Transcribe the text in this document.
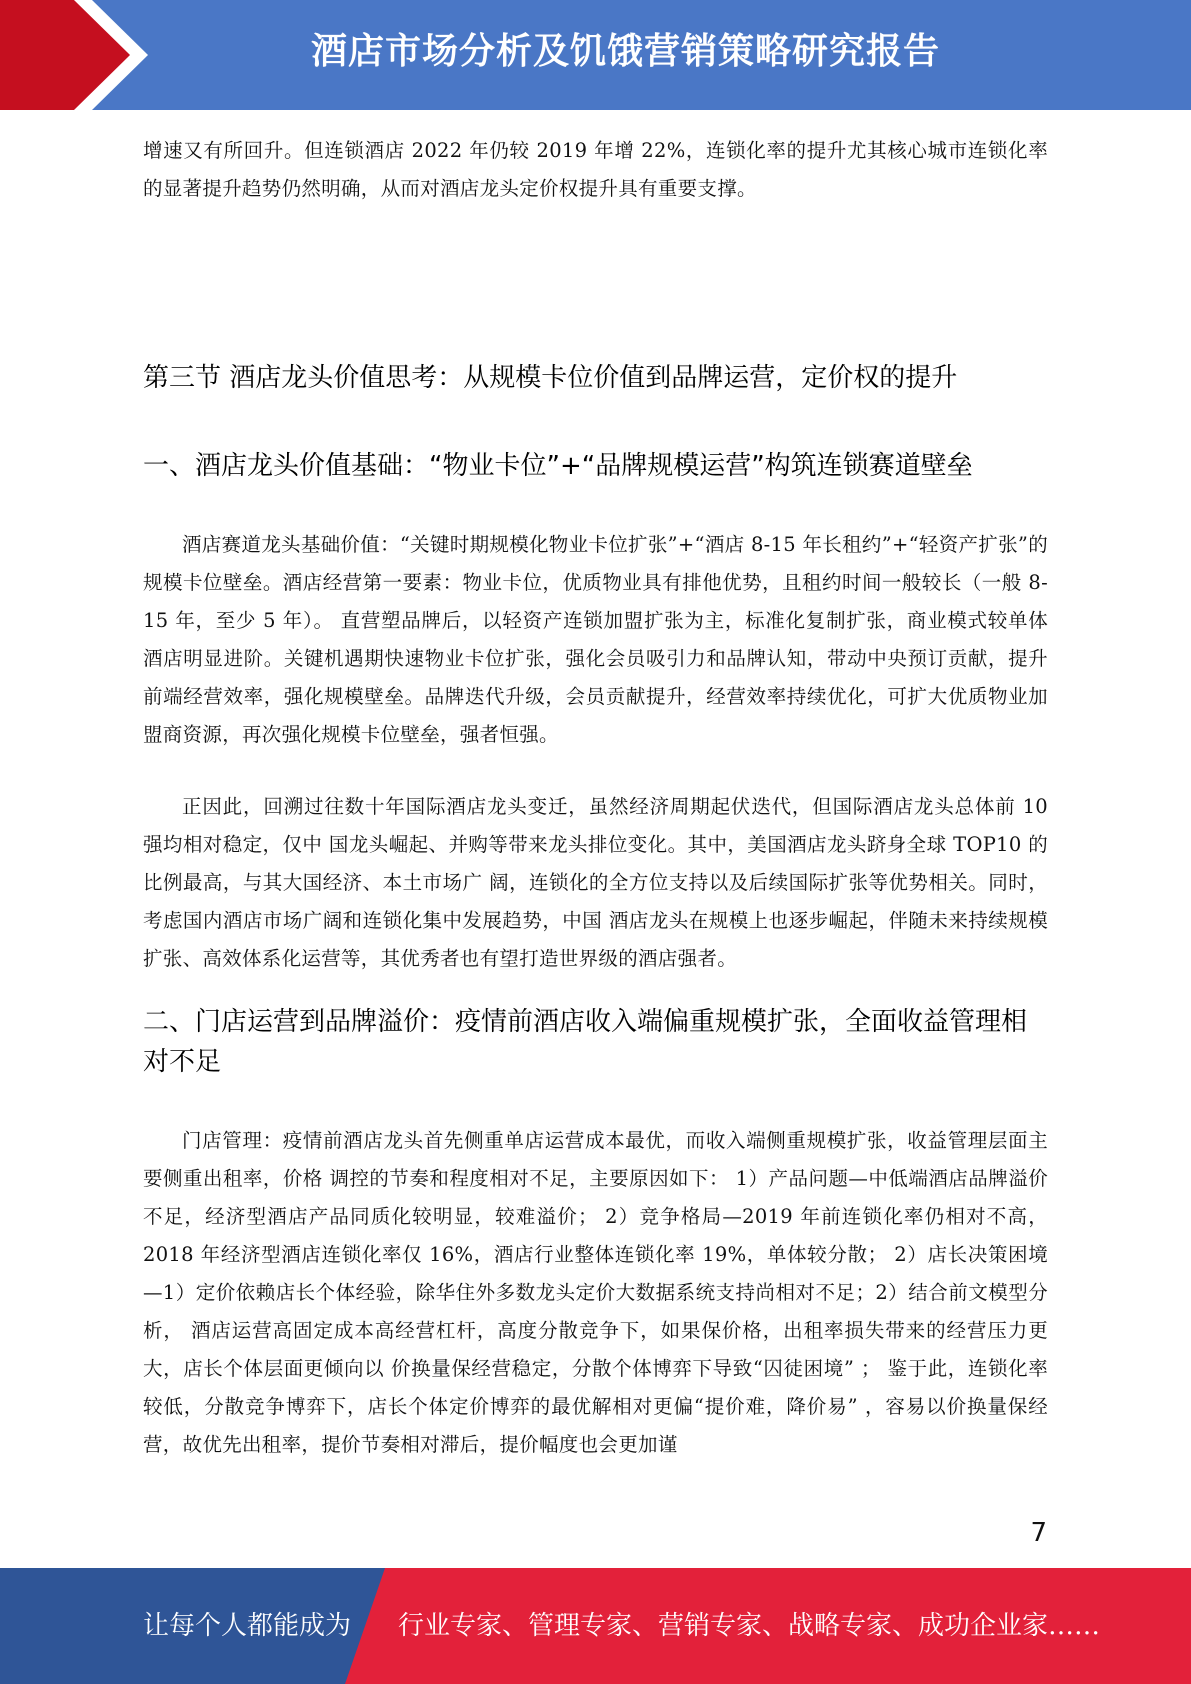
酒店市场分析及饥饿营销策略研究报告

增速又有所回升。但连锁酒店 2022 年仍较 2019 年增 22%，连锁化率的提升尤其核心城市连锁化率的显著提升趋势仍然明确，从而对酒店龙头定价权提升具有重要支撑。

第三节 酒店龙头价值思考：从规模卡位价值到品牌运营，定价权的提升
一、酒店龙头价值基础：“物业卡位”+“品牌规模运营”构筑连锁赛道壁垒

酒店赛道龙头基础价值：“关键时期规模化物业卡位扩张”+“酒店 8-15 年长租约”+“轻资产扩张”的规模卡位壁垒。酒店经营第一要素：物业卡位，优质物业具有排他优势，且租约时间一般较长（一般 8-15 年，至少 5 年）。 直营塑品牌后，以轻资产连锁加盟扩张为主，标准化复制扩张，商业模式较单体酒店明显进阶。关键机遇期快速物业卡位扩张，强化会员吸引力和品牌认知，带动中央预订贡献，提升前端经营效率，强化规模壁垒。品牌迭代升级，会员贡献提升，经营效率持续优化，可扩大优质物业加盟商资源，再次强化规模卡位壁垒，强者恒强。

正因此，回溯过往数十年国际酒店龙头变迁，虽然经济周期起伏迭代，但国际酒店龙头总体前 10 强均相对稳定，仅中 国龙头崛起、并购等带来龙头排位变化。其中，美国酒店龙头跻身全球 TOP10 的比例最高，与其大国经济、本土市场广 阔，连锁化的全方位支持以及后续国际扩张等优势相关。同时，考虑国内酒店市场广阔和连锁化集中发展趋势，中国 酒店龙头在规模上也逐步崛起，伴随未来持续规模扩张、高效体系化运营等，其优秀者也有望打造世界级的酒店强者。

二、门店运营到品牌溢价：疫情前酒店收入端偏重规模扩张，全面收益管理相对不足

门店管理：疫情前酒店龙头首先侧重单店运营成本最优，而收入端侧重规模扩张，收益管理层面主要侧重出租率，价格 调控的节奏和程度相对不足，主要原因如下： 1）产品问题—中低端酒店品牌溢价不足，经济型酒店产品同质化较明显，较难溢价； 2）竞争格局—2019 年前连锁化率仍相对不高，2018 年经济型酒店连锁化率仅 16%，酒店行业整体连锁化率 19%，单体较分散； 2）店长决策困境—1）定价依赖店长个体经验，除华住外多数龙头定价大数据系统支持尚相对不足；2）结合前文模型分析， 酒店运营高固定成本高经营杠杆，高度分散竞争下，如果保价格，出租率损失带来的经营压力更大，店长个体层面更倾向以 价换量保经营稳定，分散个体博弈下导致“囚徒困境” ； 鉴于此，连锁化率较低，分散竞争博弈下，店长个体定价博弈的最优解相对更偏“提价难，降价易” ，容易以价换量保经 营，故优先出租率，提价节奏相对滞后，提价幅度也会更加谨

7
让每个人都能成为 行业专家、管理专家、营销专家、战略专家、成功企业家……
